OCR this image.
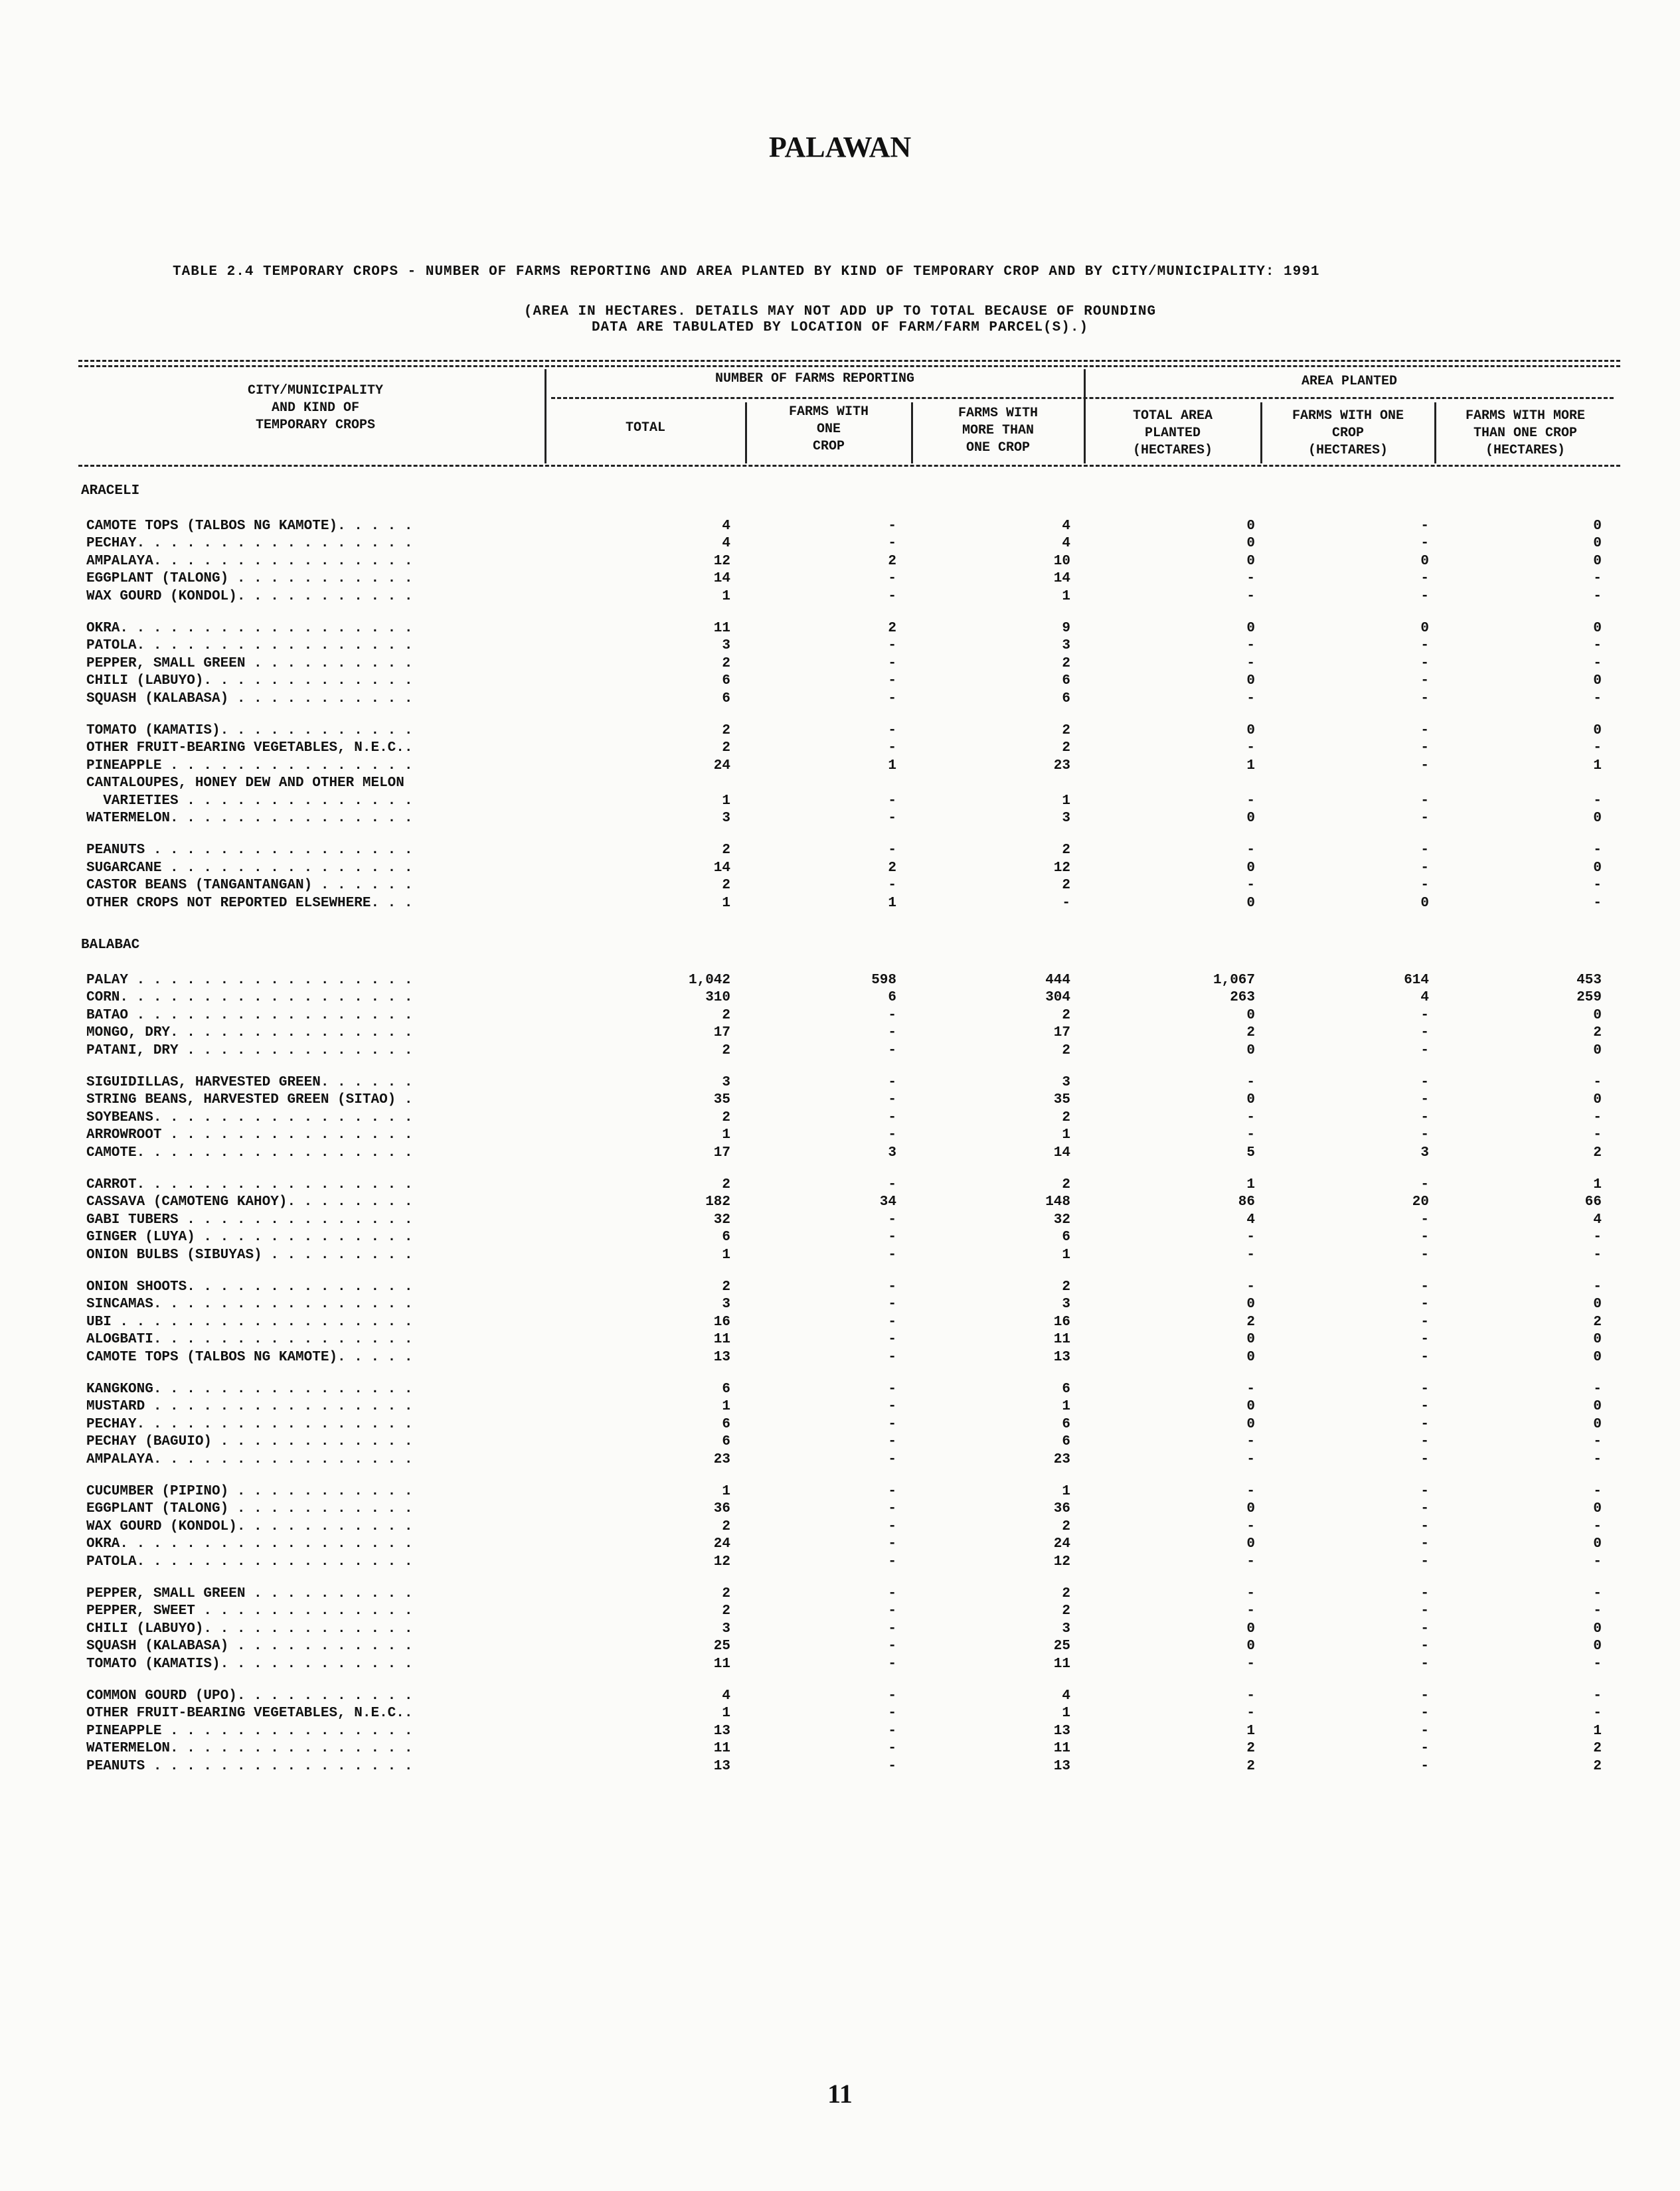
PALAWAN
TABLE 2.4 TEMPORARY CROPS - NUMBER OF FARMS REPORTING AND AREA PLANTED BY KIND OF TEMPORARY CROP AND BY CITY/MUNICIPALITY: 1991
(AREA IN HECTARES. DETAILS MAY NOT ADD UP TO TOTAL BECAUSE OF ROUNDING
DATA ARE TABULATED BY LOCATION OF FARM/FARM PARCEL(S).)
CITY/MUNICIPALITY
AND KIND OF
TEMPORARY CROPS
NUMBER OF FARMS REPORTING	AREA PLANTED
TOTAL
FARMS WITH
ONE
CROP
FARMS WITH
MORE THAN
ONE CROP
TOTAL AREA
PLANTED
(HECTARES)
FARMS WITH ONE
CROP
(HECTARES)
FARMS WITH MORE
THAN ONE CROP
(HECTARES)
ARACELI
CAMOTE TOPS (TALBOS NG KAMOTE). . . . .	4	-	4	0	-	0
PECHAY. . . . . . . . . . . . . . . . .	4	-	4	0	-	0
AMPALAYA. . . . . . . . . . . . . . . .	12	2	10	0	0	0
EGGPLANT (TALONG) . . . . . . . . . . .	14	-	14	-	-	-
WAX GOURD (KONDOL). . . . . . . . . . .	1	-	1	-	-	-
OKRA. . . . . . . . . . . . . . . . . .	11	2	9	0	0	0
PATOLA. . . . . . . . . . . . . . . . .	3	-	3	-	-	-
PEPPER, SMALL GREEN . . . . . . . . . .	2	-	2	-	-	-
CHILI (LABUYO). . . . . . . . . . . . .	6	-	6	0	-	0
SQUASH (KALABASA) . . . . . . . . . . .	6	-	6	-	-	-
TOMATO (KAMATIS). . . . . . . . . . . .	2	-	2	0	-	0
OTHER FRUIT-BEARING VEGETABLES, N.E.C..	2	-	2	-	-	-
PINEAPPLE . . . . . . . . . . . . . . .	24	1	23	1	-	1
CANTALOUPES, HONEY DEW AND OTHER MELON
VARIETIES . . . . . . . . . . . . . .	1	-	1	-	-	-
WATERMELON. . . . . . . . . . . . . . .	3	-	3	0	-	0
PEANUTS . . . . . . . . . . . . . . . .	2	-	2	-	-	-
SUGARCANE . . . . . . . . . . . . . . .	14	2	12	0	-	0
CASTOR BEANS (TANGANTANGAN) . . . . . .	2	-	2	-	-	-
OTHER CROPS NOT REPORTED ELSEWHERE. . .	1	1	-	0	0	-
BALABAC
PALAY . . . . . . . . . . . . . . . . .	1,042	598	444	1,067	614	453
CORN. . . . . . . . . . . . . . . . . .	310	6	304	263	4	259
BATAO . . . . . . . . . . . . . . . . .	2	-	2	0	-	0
MONGO, DRY. . . . . . . . . . . . . . .	17	-	17	2	-	2
PATANI, DRY . . . . . . . . . . . . . .	2	-	2	0	-	0
SIGUIDILLAS, HARVESTED GREEN. . . . . .	3	-	3	-	-	-
STRING BEANS, HARVESTED GREEN (SITAO) .	35	-	35	0	-	0
SOYBEANS. . . . . . . . . . . . . . . .	2	-	2	-	-	-
ARROWROOT . . . . . . . . . . . . . . .	1	-	1	-	-	-
CAMOTE. . . . . . . . . . . . . . . . .	17	3	14	5	3	2
CARROT. . . . . . . . . . . . . . . . .	2	-	2	1	-	1
CASSAVA (CAMOTENG KAHOY). . . . . . . .	182	34	148	86	20	66
GABI TUBERS . . . . . . . . . . . . . .	32	-	32	4	-	4
GINGER (LUYA) . . . . . . . . . . . . .	6	-	6	-	-	-
ONION BULBS (SIBUYAS) . . . . . . . . .	1	-	1	-	-	-
ONION SHOOTS. . . . . . . . . . . . . .	2	-	2	-	-	-
SINCAMAS. . . . . . . . . . . . . . . .	3	-	3	0	-	0
UBI . . . . . . . . . . . . . . . . . .	16	-	16	2	-	2
ALOGBATI. . . . . . . . . . . . . . . .	11	-	11	0	-	0
CAMOTE TOPS (TALBOS NG KAMOTE). . . . .	13	-	13	0	-	0
KANGKONG. . . . . . . . . . . . . . . .	6	-	6	-	-	-
MUSTARD . . . . . . . . . . . . . . . .	1	-	1	0	-	0
PECHAY. . . . . . . . . . . . . . . . .	6	-	6	0	-	0
PECHAY (BAGUIO) . . . . . . . . . . . .	6	-	6	-	-	-
AMPALAYA. . . . . . . . . . . . . . . .	23	-	23	-	-	-
CUCUMBER (PIPINO) . . . . . . . . . . .	1	-	1	-	-	-
EGGPLANT (TALONG) . . . . . . . . . . .	36	-	36	0	-	0
WAX GOURD (KONDOL). . . . . . . . . . .	2	-	2	-	-	-
OKRA. . . . . . . . . . . . . . . . . .	24	-	24	0	-	0
PATOLA. . . . . . . . . . . . . . . . .	12	-	12	-	-	-
PEPPER, SMALL GREEN . . . . . . . . . .	2	-	2	-	-	-
PEPPER, SWEET . . . . . . . . . . . . .	2	-	2	-	-	-
CHILI (LABUYO). . . . . . . . . . . . .	3	-	3	0	-	0
SQUASH (KALABASA) . . . . . . . . . . .	25	-	25	0	-	0
TOMATO (KAMATIS). . . . . . . . . . . .	11	-	11	-	-	-
COMMON GOURD (UPO). . . . . . . . . . .	4	-	4	-	-	-
OTHER FRUIT-BEARING VEGETABLES, N.E.C..	1	-	1	-	-	-
PINEAPPLE . . . . . . . . . . . . . . .	13	-	13	1	-	1
WATERMELON. . . . . . . . . . . . . . .	11	-	11	2	-	2
PEANUTS . . . . . . . . . . . . . . . .	13	-	13	2	-	2
11
